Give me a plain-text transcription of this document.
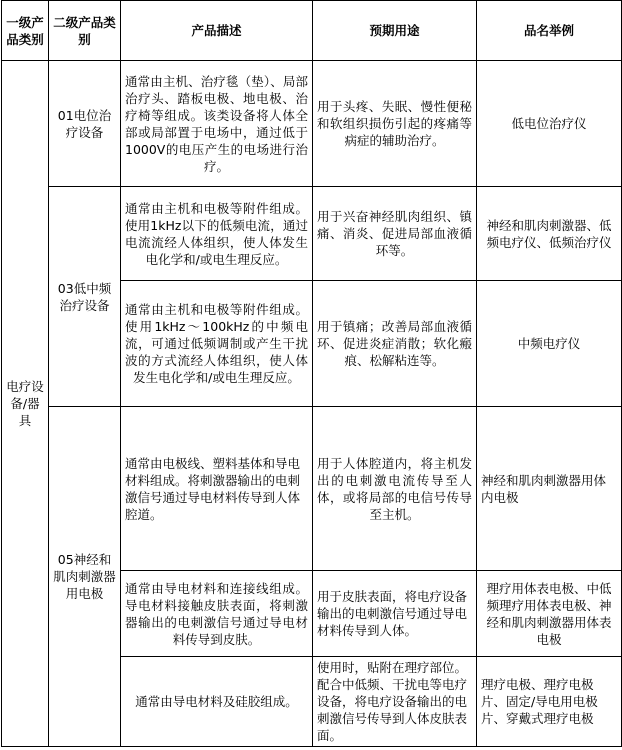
一级产品类别	二级产品类别	产品描述	预期用途	品名举例
电疗设备/器具	01电位治疗设备	通常由主机、治疗毯（垫）、局部治疗头、踏板电极、地电极、治疗椅等组成。该类设备将人体全部或局部置于电场中，通过低于1000V的电压产生的电场进行治疗。	用于头疼、失眠、慢性便秘和软组织损伤引起的疼痛等病症的辅助治疗。	低电位治疗仪
	03低中频治疗设备	通常由主机和电极等附件组成。使用1kHz以下的低频电流，通过电流流经人体组织，使人体发生电化学和/或电生理反应。	用于兴奋神经肌肉组织、镇痛、消炎、促进局部血液循环等。	神经和肌肉刺激器、低频电疗仪、低频治疗仪
		通常由主机和电极等附件组成。使用1kHz～100kHz的中频电流，可通过低频调制或产生干扰波的方式流经人体组织，使人体发生电化学和/或电生理反应。	用于镇痛；改善局部血液循环、促进炎症消散；软化瘢痕、松解粘连等。	中频电疗仪
	05神经和肌肉刺激器用电极	通常由电极线、塑料基体和导电材料组成。将刺激器输出的电刺激信号通过导电材料传导到人体腔道。	用于人体腔道内，将主机发出的电刺激电流传导至人体，或将局部的电信号传导至主机。	神经和肌肉刺激器用体内电极
		通常由导电材料和连接线组成。导电材料接触皮肤表面，将刺激器输出的电刺激信号通过导电材料传导到皮肤。	用于皮肤表面，将电疗设备输出的电刺激信号通过导电材料传导到人体。	理疗用体表电极、中低频理疗用体表电极、神经和肌肉刺激器用体表电极
		通常由导电材料及硅胶组成。	使用时，贴附在理疗部位。配合中低频、干扰电等电疗设备，将电疗设备输出的电刺激信号传导到人体皮肤表面。	理疗电极、理疗电极片、固定/导电用电极片、穿戴式理疗电极
